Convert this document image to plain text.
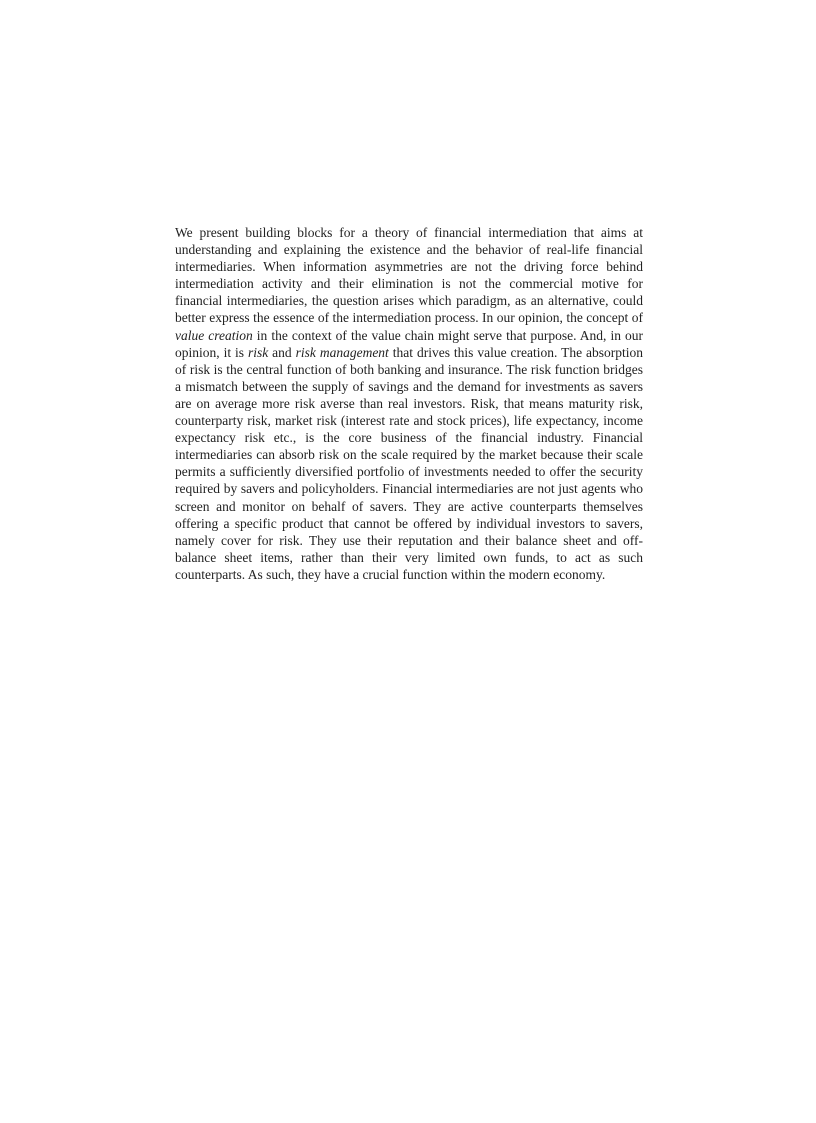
We present building blocks for a theory of financial intermediation that aims at understanding and explaining the existence and the behavior of real-life financial intermediaries. When information asymmetries are not the driving force behind intermediation activity and their elimination is not the commercial motive for financial intermediaries, the question arises which paradigm, as an alternative, could better express the essence of the intermediation process. In our opinion, the concept of value creation in the context of the value chain might serve that purpose. And, in our opinion, it is risk and risk management that drives this value creation. The absorption of risk is the central function of both banking and insurance. The risk function bridges a mismatch between the supply of savings and the demand for investments as savers are on average more risk averse than real investors. Risk, that means maturity risk, counterparty risk, market risk (interest rate and stock prices), life expectancy, income expectancy risk etc., is the core business of the financial industry. Financial intermediaries can absorb risk on the scale required by the market because their scale permits a sufficiently diversified portfolio of investments needed to offer the security required by savers and policyholders. Financial intermediaries are not just agents who screen and monitor on behalf of savers. They are active counterparts themselves offering a specific product that cannot be offered by individual investors to savers, namely cover for risk. They use their reputation and their balance sheet and off-balance sheet items, rather than their very limited own funds, to act as such counterparts. As such, they have a crucial function within the modern economy.
